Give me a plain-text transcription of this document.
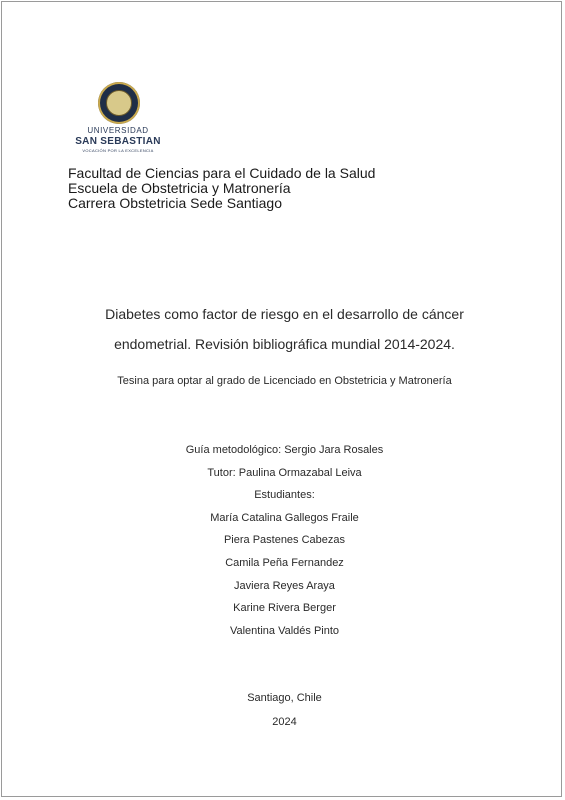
UNIVERSIDAD
SAN SEBASTIAN
VOCACIÓN POR LA EXCELENCIA
Facultad de Ciencias para el Cuidado de la Salud
Escuela de Obstetricia y Matronería
Carrera Obstetricia Sede Santiago
Diabetes como factor de riesgo en el desarrollo de cáncer
endometrial. Revisión bibliográfica mundial 2014-2024.
Tesina para optar al grado de Licenciado en Obstetricia y Matronería
Guía metodológico: Sergio Jara Rosales
Tutor: Paulina Ormazabal Leiva
Estudiantes:
María Catalina Gallegos Fraile
Piera Pastenes Cabezas
Camila Peña Fernandez
Javiera Reyes Araya
Karine Rivera Berger
Valentina Valdés Pinto
Santiago, Chile
2024
